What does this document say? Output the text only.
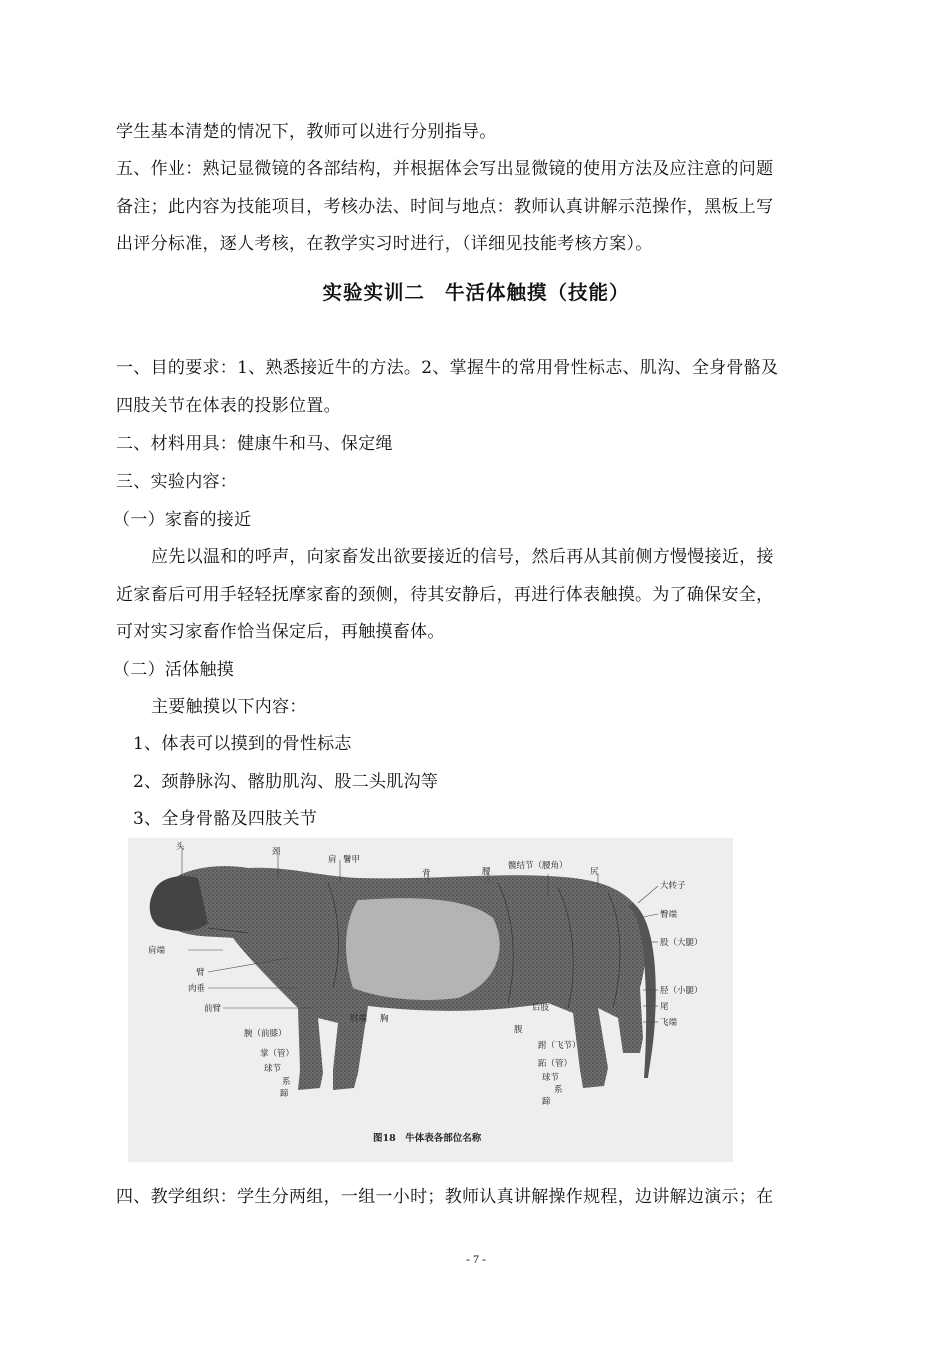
学生基本清楚的情况下，教师可以进行分别指导。
五、作业：熟记显微镜的各部结构，并根据体会写出显微镜的使用方法及应注意的问题
备注；此内容为技能项目，考核办法、时间与地点：教师认真讲解示范操作，黑板上写
出评分标准，逐人考核，在教学实习时进行，（详细见技能考核方案）。
实验实训二 牛活体触摸（技能）
一、目的要求：1、熟悉接近牛的方法。2、掌握牛的常用骨性标志、肌沟、全身骨骼及
四肢关节在体表的投影位置。
二、材料用具：健康牛和马、保定绳
三、实验内容：
（一）家畜的接近
应先以温和的呼声，向家畜发出欲要接近的信号，然后再从其前侧方慢慢接近，接
近家畜后可用手轻轻抚摩家畜的颈侧，待其安静后，再进行体表触摸。为了确保安全，
可对实习家畜作恰当保定后，再触摸畜体。
（二）活体触摸
主要触摸以下内容：
1、体表可以摸到的骨性标志
2、颈静脉沟、髂肋肌沟、股二头肌沟等
3、全身骨骼及四肢关节
头	颈
肩 鬐甲
背	腰
髋结节（腰角）
尻
大转子
臀端
股（大腿）
肩端
臂
肉垂
前臂
肘端 胸
腹
后肢
胫（小腿）
尾
飞端
跗（飞节）
腕（前膝）
掌（管）
跖（管）
球节
系
蹄
球节
系
蹄
图18　牛体表各部位名称
四、教学组织：学生分两组，一组一小时；教师认真讲解操作规程，边讲解边演示；在
- 7 -
